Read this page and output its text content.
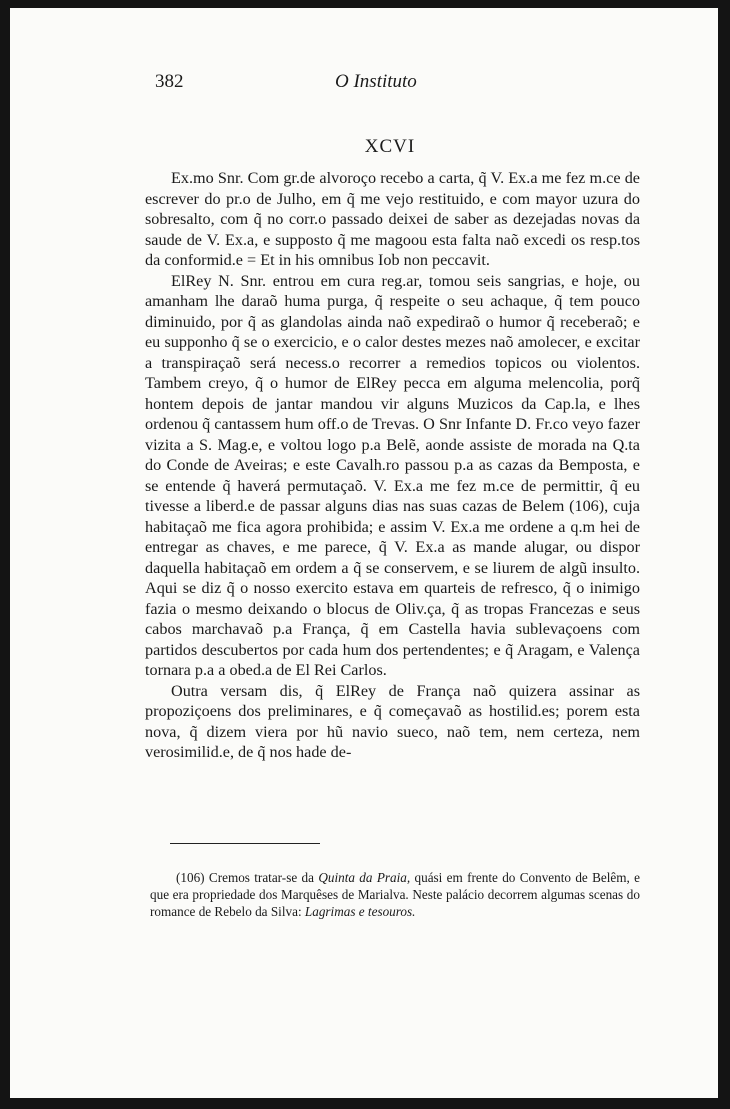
382	O Instituto
XCVI

Ex.mo Snr. Com gr.de alvoroço recebo a carta, q̃ V. Ex.a me fez m.ce de escrever do pr.o de Julho, em q̃ me vejo restituido, e com mayor uzura do sobresalto, com q̃ no corr.o passado deixei de saber as dezejadas novas da saude de V. Ex.a, e supposto q̃ me magoou esta falta naõ excedi os resp.tos da conformid.e = Et in his omnibus Iob non peccavit.

ElRey N. Snr. entrou em cura reg.ar, tomou seis sangrias, e hoje, ou amanham lhe daraõ huma purga, q̃ respeite o seu achaque, q̃ tem pouco diminuido, por q̃ as glandolas ainda naõ expediraõ o humor q̃ receberaõ; e eu supponho q̃ se o exercicio, e o calor destes mezes naõ amolecer, e excitar a transpiraçaõ será necess.o recorrer a remedios topicos ou violentos. Tambem creyo, q̃ o humor de ElRey pecca em alguma melencolia, porq̃ hontem depois de jantar mandou vir alguns Muzicos da Cap.la, e lhes ordenou q̃ cantassem hum off.o de Trevas. O Snr Infante D. Fr.co veyo fazer vizita a S. Mag.e, e voltou logo p.a Belẽ, aonde assiste de morada na Q.ta do Conde de Aveiras; e este Cavalh.ro passou p.a as cazas da Bemposta, e se entende q̃ haverá permutaçaõ. V. Ex.a me fez m.ce de permittir, q̃ eu tivesse a liberd.e de passar alguns dias nas suas cazas de Belem (106), cuja habitaçaõ me fica agora prohibida; e assim V. Ex.a me ordene a q.m hei de entregar as chaves, e me parece, q̃ V. Ex.a as mande alugar, ou dispor daquella habitaçaõ em ordem a q̃ se conservem, e se liurem de algũ insulto. Aqui se diz q̃ o nosso exercito estava em quarteis de refresco, q̃ o inimigo fazia o mesmo deixando o blocus de Oliv.ça, q̃ as tropas Francezas e seus cabos marchavaõ p.a França, q̃ em Castella havia sublevaçoens com partidos descubertos por cada hum dos pertendentes; e q̃ Aragam, e Valença tornara p.a a obed.a de El Rei Carlos.

Outra versam dis, q̃ ElRey de França naõ quizera assinar as propoziçoens dos preliminares, e q̃ começavaõ as hostilid.es; porem esta nova, q̃ dizem viera por hũ navio sueco, naõ tem, nem certeza, nem verosimilid.e, de q̃ nos hade de-

(106) Cremos tratar-se da Quinta da Praia, quási em frente do Convento de Belêm, e que era propriedade dos Marquêses de Marialva. Neste palácio decorrem algumas scenas do romance de Rebelo da Silva: Lagrimas e tesouros.
